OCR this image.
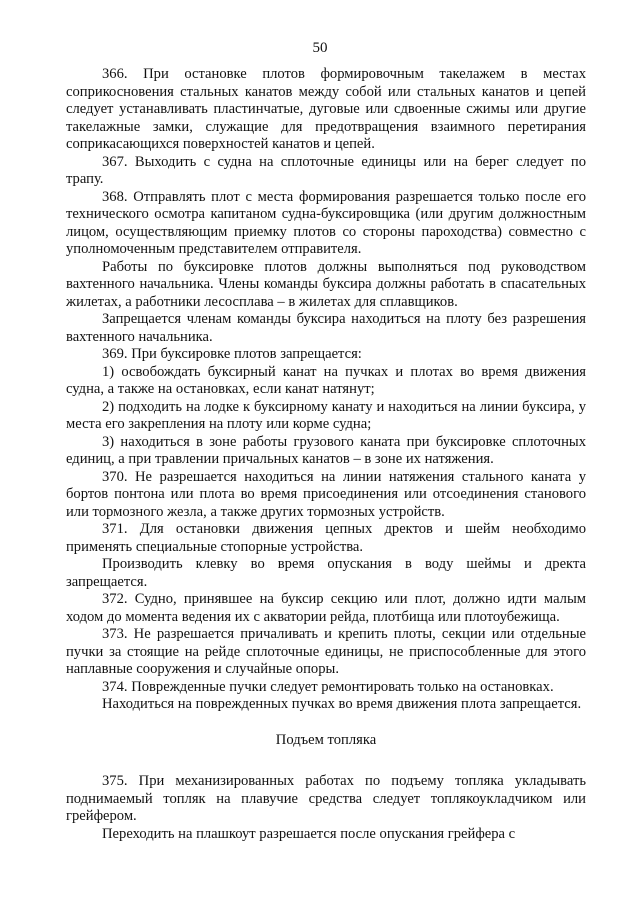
50

366. При остановке плотов формировочным такелажем в местах соприкосновения стальных канатов между собой или стальных канатов и цепей следует устанавливать пластинчатые, дуговые или сдвоенные сжимы или другие такелажные замки, служащие для предотвращения взаимного перетирания соприкасающихся поверхностей канатов и цепей.

367. Выходить с судна на сплоточные единицы или на берег следует по трапу.

368. Отправлять плот с места формирования разрешается только после его технического осмотра капитаном судна-буксировщика (или другим должностным лицом, осуществляющим приемку плотов со стороны пароходства) совместно с уполномоченным представителем отправителя.

Работы по буксировке плотов должны выполняться под руководством вахтенного начальника. Члены команды буксира должны работать в спасательных жилетах, а работники лесосплава – в жилетах для сплавщиков.

Запрещается членам команды буксира находиться на плоту без разрешения вахтенного начальника.

369. При буксировке плотов запрещается:

1) освобождать буксирный канат на пучках и плотах во время движения судна, а также на остановках, если канат натянут;

2) подходить на лодке к буксирному канату и находиться на линии буксира, у места его закрепления на плоту или корме судна;

3) находиться в зоне работы грузового каната при буксировке сплоточных единиц, а при травлении причальных канатов – в зоне их натяжения.

370. Не разрешается находиться на линии натяжения стального каната у бортов понтона или плота во время присоединения или отсоединения станового или тормозного жезла, а также других тормозных устройств.

371. Для остановки движения цепных дректов и шейм необходимо применять специальные стопорные устройства.

Производить клевку во время опускания в воду шеймы и дректа запрещается.

372. Судно, принявшее на буксир секцию или плот, должно идти малым ходом до момента ведения их с акватории рейда, плотбища или плотоубежища.

373. Не разрешается причаливать и крепить плоты, секции или отдельные пучки за стоящие на рейде сплоточные единицы, не приспособленные для этого наплавные сооружения и случайные опоры.

374. Поврежденные пучки следует ремонтировать только на остановках.

Находиться на поврежденных пучках во время движения плота запрещается.

Подъем топляка

375. При механизированных работах по подъему топляка укладывать поднимаемый топляк на плавучие средства следует топлякоукладчиком или грейфером.

Переходить на плашкоут разрешается после опускания грейфера с
